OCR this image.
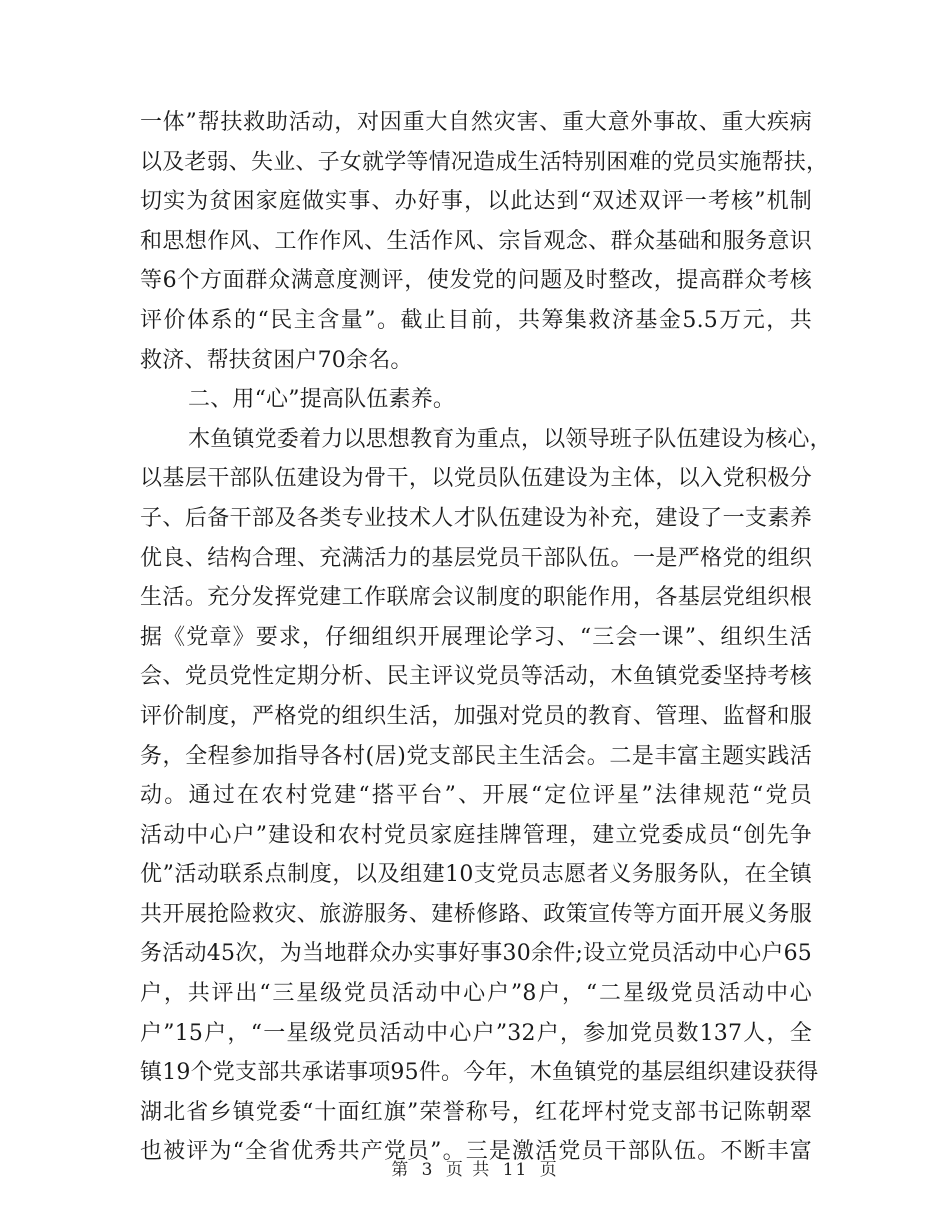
一体”帮扶救助活动，对因重大自然灾害、重大意外事故、重大疾病
以及老弱、失业、子女就学等情况造成生活特别困难的党员实施帮扶，
切实为贫困家庭做实事、办好事，以此达到“双述双评一考核”机制
和思想作风、工作作风、生活作风、宗旨观念、群众基础和服务意识
等6个方面群众满意度测评，使发党的问题及时整改，提高群众考核
评价体系的“民主含量”。截止目前，共筹集救济基金5.5万元，共
救济、帮扶贫困户70余名。
二、用“心”提高队伍素养。
木鱼镇党委着力以思想教育为重点，以领导班子队伍建设为核心，
以基层干部队伍建设为骨干，以党员队伍建设为主体，以入党积极分
子、后备干部及各类专业技术人才队伍建设为补充，建设了一支素养
优良、结构合理、充满活力的基层党员干部队伍。一是严格党的组织
生活。充分发挥党建工作联席会议制度的职能作用，各基层党组织根
据《党章》要求，仔细组织开展理论学习、“三会一课”、组织生活
会、党员党性定期分析、民主评议党员等活动，木鱼镇党委坚持考核
评价制度，严格党的组织生活，加强对党员的教育、管理、监督和服
务，全程参加指导各村(居)党支部民主生活会。二是丰富主题实践活
动。通过在农村党建“搭平台”、开展“定位评星”法律规范“党员
活动中心户”建设和农村党员家庭挂牌管理，建立党委成员“创先争
优”活动联系点制度，以及组建10支党员志愿者义务服务队，在全镇
共开展抢险救灾、旅游服务、建桥修路、政策宣传等方面开展义务服
务活动45次，为当地群众办实事好事30余件;设立党员活动中心户65
户，共评出“三星级党员活动中心户”8户，“二星级党员活动中心
户”15户，“一星级党员活动中心户”32户，参加党员数137人，全
镇19个党支部共承诺事项95件。今年，木鱼镇党的基层组织建设获得
湖北省乡镇党委“十面红旗”荣誉称号，红花坪村党支部书记陈朝翠
也被评为“全省优秀共产党员”。三是激活党员干部队伍。不断丰富
第 3 页 共 11 页
